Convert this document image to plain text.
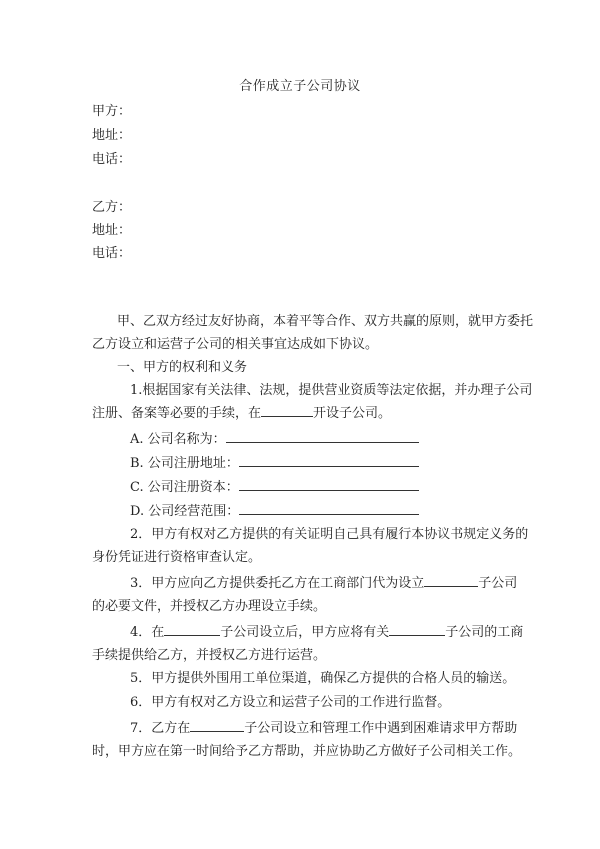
合作成立子公司协议
甲方：
地址：
电话：
乙方：
地址：
电话：
甲、乙双方经过友好协商，本着平等合作、双方共赢的原则，就甲方委托
乙方设立和运营子公司的相关事宜达成如下协议。
一、甲方的权利和义务
1.根据国家有关法律、法规，提供营业资质等法定依据，并办理子公司
注册、备案等必要的手续，在	开设子公司。
A. 公司名称为：
B. 公司注册地址：
C. 公司注册资本：
D. 公司经营范围：
2．甲方有权对乙方提供的有关证明自己具有履行本协议书规定义务的
身份凭证进行资格审查认定。
3．甲方应向乙方提供委托乙方在工商部门代为设立	子公司
的必要文件，并授权乙方办理设立手续。
4．在	子公司设立后，甲方应将有关	子公司的工商
手续提供给乙方，并授权乙方进行运营。
5．甲方提供外围用工单位渠道，确保乙方提供的合格人员的输送。
6．甲方有权对乙方设立和运营子公司的工作进行监督。
7．乙方在	子公司设立和管理工作中遇到困难请求甲方帮助
时，甲方应在第一时间给予乙方帮助，并应协助乙方做好子公司相关工作。
